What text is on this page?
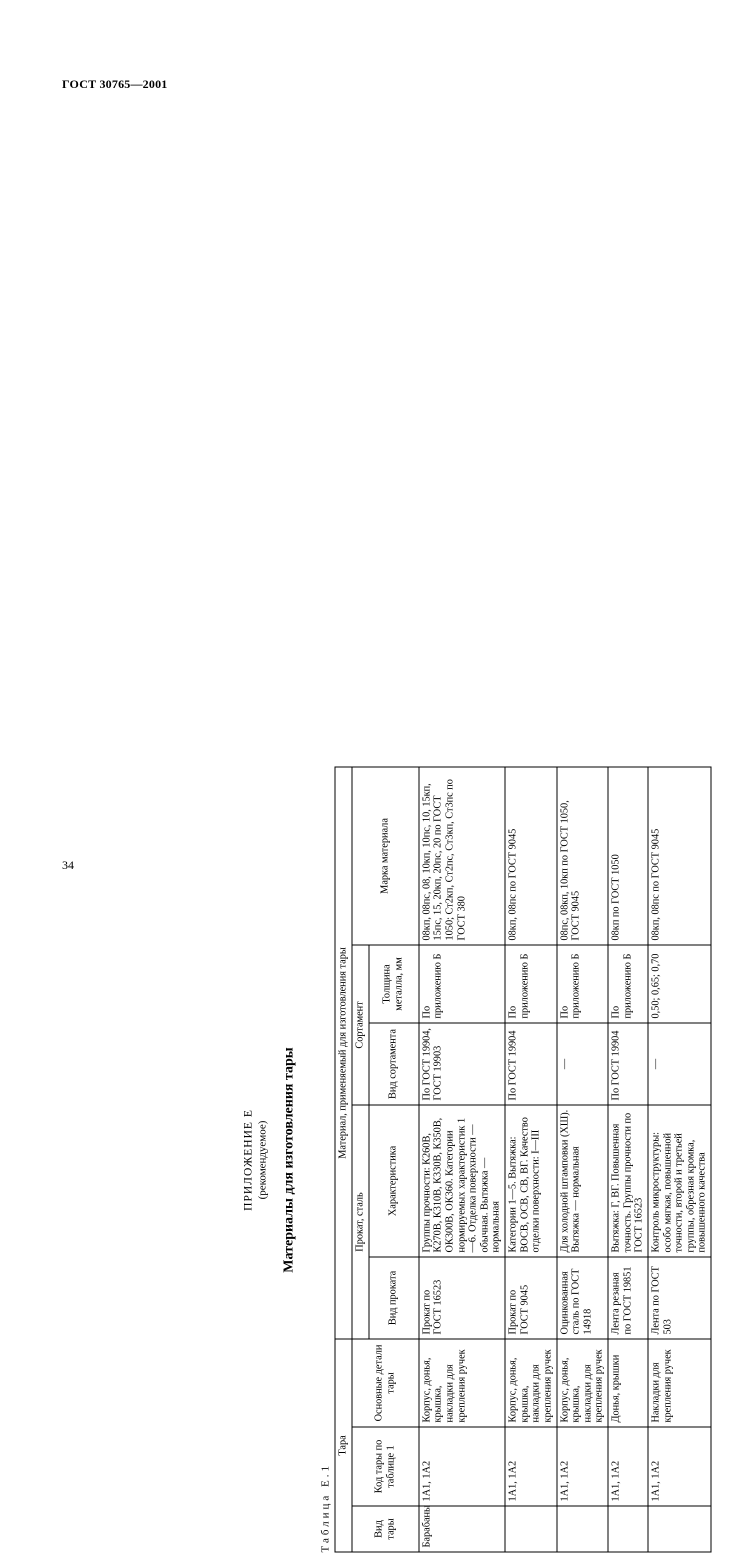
ГОСТ 30765—2001
34
ПРИЛОЖЕНИЕ Е (рекомендуемое) Материалы для изготовления тары
Таблица Е.1
Тара			Материал, применяемый для изготовления тары				
Вид тары	Код тары по таблице 1	Основные детали тары	Прокат, сталь		Сортамент		Марка материала
			Вид проката	Характеристика	Вид сортамента	Толщина металла, мм	
Барабаны	1А1, 1А2	Корпус, донья, крышка, накладки для крепления ручек	Прокат по ГОСТ 16523	Группы прочности: К260В, К270В, К310В, К330В, К350В, ОК300В, ОК360. Категории нормируемых характеристик 1—6. Отделка поверхности — обычная. Вытяжка — нормальная	По ГОСТ 19904, ГОСТ 19903	По приложению Б	08кп, 08пс, 08, 10кп, 10пс, 10, 15кп, 15пс, 15, 20кп, 20пс, 20 по ГОСТ 1050; Ст2кп, Ст2пс, Ст3кп, Ст3пс по ГОСТ 380
	1А1, 1А2	Корпус, донья, крышка, накладки для крепления ручек	Прокат по ГОСТ 9045	Категории 1—5. Вытяжка: ВОСВ, ОСВ, СВ, ВГ. Качество отделки поверхности: I—III	По ГОСТ 19904	По приложению Б	08кп, 08пс по ГОСТ 9045
	1А1, 1А2	Корпус, донья, крышка, накладки для крепления ручек	Оцинкованная сталь по ГОСТ 14918	Для холодной штамповки (ХШ). Вытяжка — нормальная	—	По приложению Б	08пс, 08кп, 10кп по ГОСТ 1050, ГОСТ 9045
	1А1, 1А2	Донья, крышки	Лента резаная по ГОСТ 19851	Вытяжка: Г, ВГ. Повышенная точность. Группы прочности по ГОСТ 16523	По ГОСТ 19904	По приложению Б	08кп по ГОСТ 1050
	1А1, 1А2	Накладки для крепления ручек	Лента по ГОСТ 503	Контроль микроструктуры: особо мягкая, повышенной точности, второй и третьей группы, обрезная кромка, повышенного качества	—	0,50; 0,65; 0,70	08кп, 08пс по ГОСТ 9045
